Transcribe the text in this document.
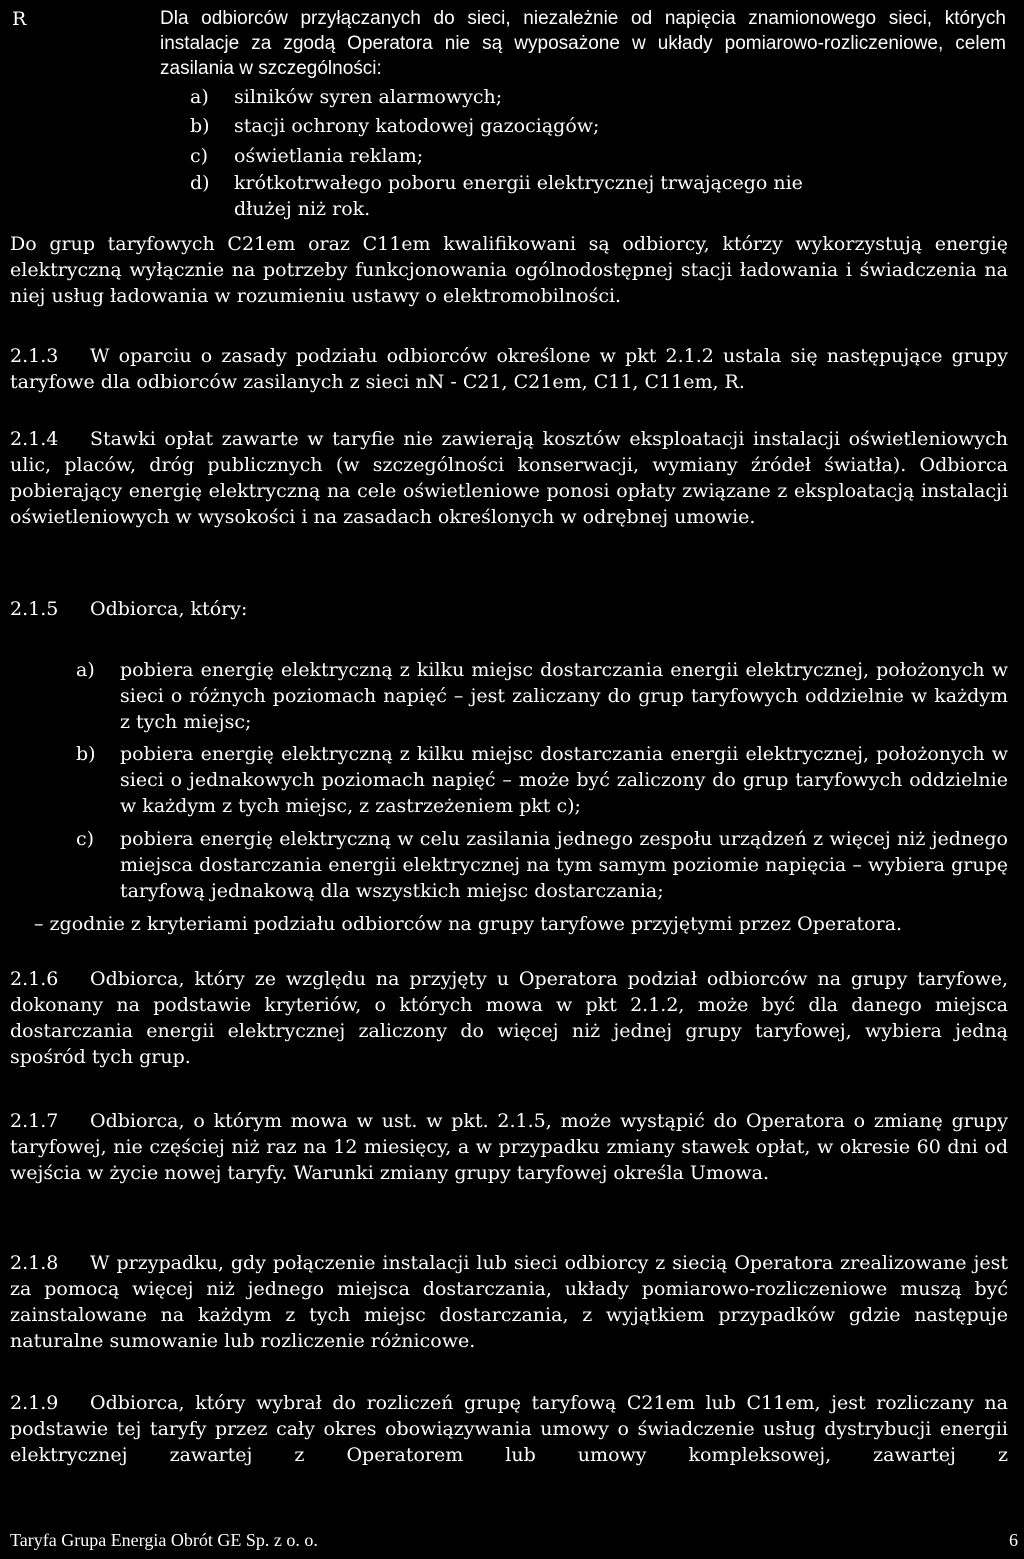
R	Dla odbiorców przyłączanych do sieci, niezależnie od napięcia znamionowego sieci, których instalacje za zgodą Operatora nie są wyposażone w układy pomiarowo-rozliczeniowe, celem zasilania w szczególności:

a) silników syren alarmowych;
b) stacji ochrony katodowej gazociągów;
c) oświetlania reklam;
d) krótkotrwałego poboru energii elektrycznej trwającego nie dłużej niż rok.

Do grup taryfowych C21em oraz C11em kwalifikowani są odbiorcy, którzy wykorzystują energię elektryczną wyłącznie na potrzeby funkcjonowania ogólnodostępnej stacji ładowania i świadczenia na niej usług ładowania w rozumieniu ustawy o elektromobilności.

2.1.3	W oparciu o zasady podziału odbiorców określone w pkt 2.1.2 ustala się następujące grupy taryfowe dla odbiorców zasilanych z sieci nN - C21, C21em, C11, C11em, R.

2.1.4	Stawki opłat zawarte w taryfie nie zawierają kosztów eksploatacji instalacji oświetleniowych ulic, placów, dróg publicznych (w szczególności konserwacji, wymiany źródeł światła). Odbiorca pobierający energię elektryczną na cele oświetleniowe ponosi opłaty związane z eksploatacją instalacji oświetleniowych w wysokości i na zasadach określonych w odrębnej umowie.

2.1.5 Odbiorca, który:
a) pobiera energię elektryczną z kilku miejsc dostarczania energii elektrycznej, położonych w sieci o różnych poziomach napięć – jest zaliczany do grup taryfowych oddzielnie w każdym z tych miejsc;

b) pobiera energię elektryczną z kilku miejsc dostarczania energii elektrycznej, położonych w sieci o jednakowych poziomach napięć – może być zaliczony do grup taryfowych oddzielnie w każdym z tych miejsc, z zastrzeżeniem pkt c);

c) pobiera energię elektryczną w celu zasilania jednego zespołu urządzeń z więcej niż jednego miejsca dostarczania energii elektrycznej na tym samym poziomie napięcia – wybiera grupę taryfową jednakową dla wszystkich miejsc dostarczania;

– zgodnie z kryteriami podziału odbiorców na grupy taryfowe przyjętymi przez Operatora.

2.1.6	Odbiorca, który ze względu na przyjęty u Operatora podział odbiorców na grupy taryfowe, dokonany na podstawie kryteriów, o których mowa w pkt 2.1.2, może być dla danego miejsca dostarczania energii elektrycznej zaliczony do więcej niż jednej grupy taryfowej, wybiera jedną spośród tych grup.

2.1.7	Odbiorca, o którym mowa w ust. w pkt. 2.1.5, może wystąpić do Operatora o zmianę grupy taryfowej, nie częściej niż raz na 12 miesięcy, a w przypadku zmiany stawek opłat, w okresie 60 dni od wejścia w życie nowej taryfy. Warunki zmiany grupy taryfowej określa Umowa.

2.1.8	W przypadku, gdy połączenie instalacji lub sieci odbiorcy z siecią Operatora zrealizowane jest za pomocą więcej niż jednego miejsca dostarczania, układy pomiarowo-rozliczeniowe muszą być zainstalowane na każdym z tych miejsc dostarczania, z wyjątkiem przypadków gdzie następuje naturalne sumowanie lub rozliczenie różnicowe.

2.1.9	Odbiorca, który wybrał do rozliczeń grupę taryfową C21em lub C11em, jest rozliczany na podstawie tej taryfy przez cały okres obowiązywania umowy o świadczenie usług dystrybucji energii elektrycznej zawartej z Operatorem lub umowy kompleksowej, zawartej z

Taryfa Grupa Energia Obrót GE Sp. z o. o.	6
